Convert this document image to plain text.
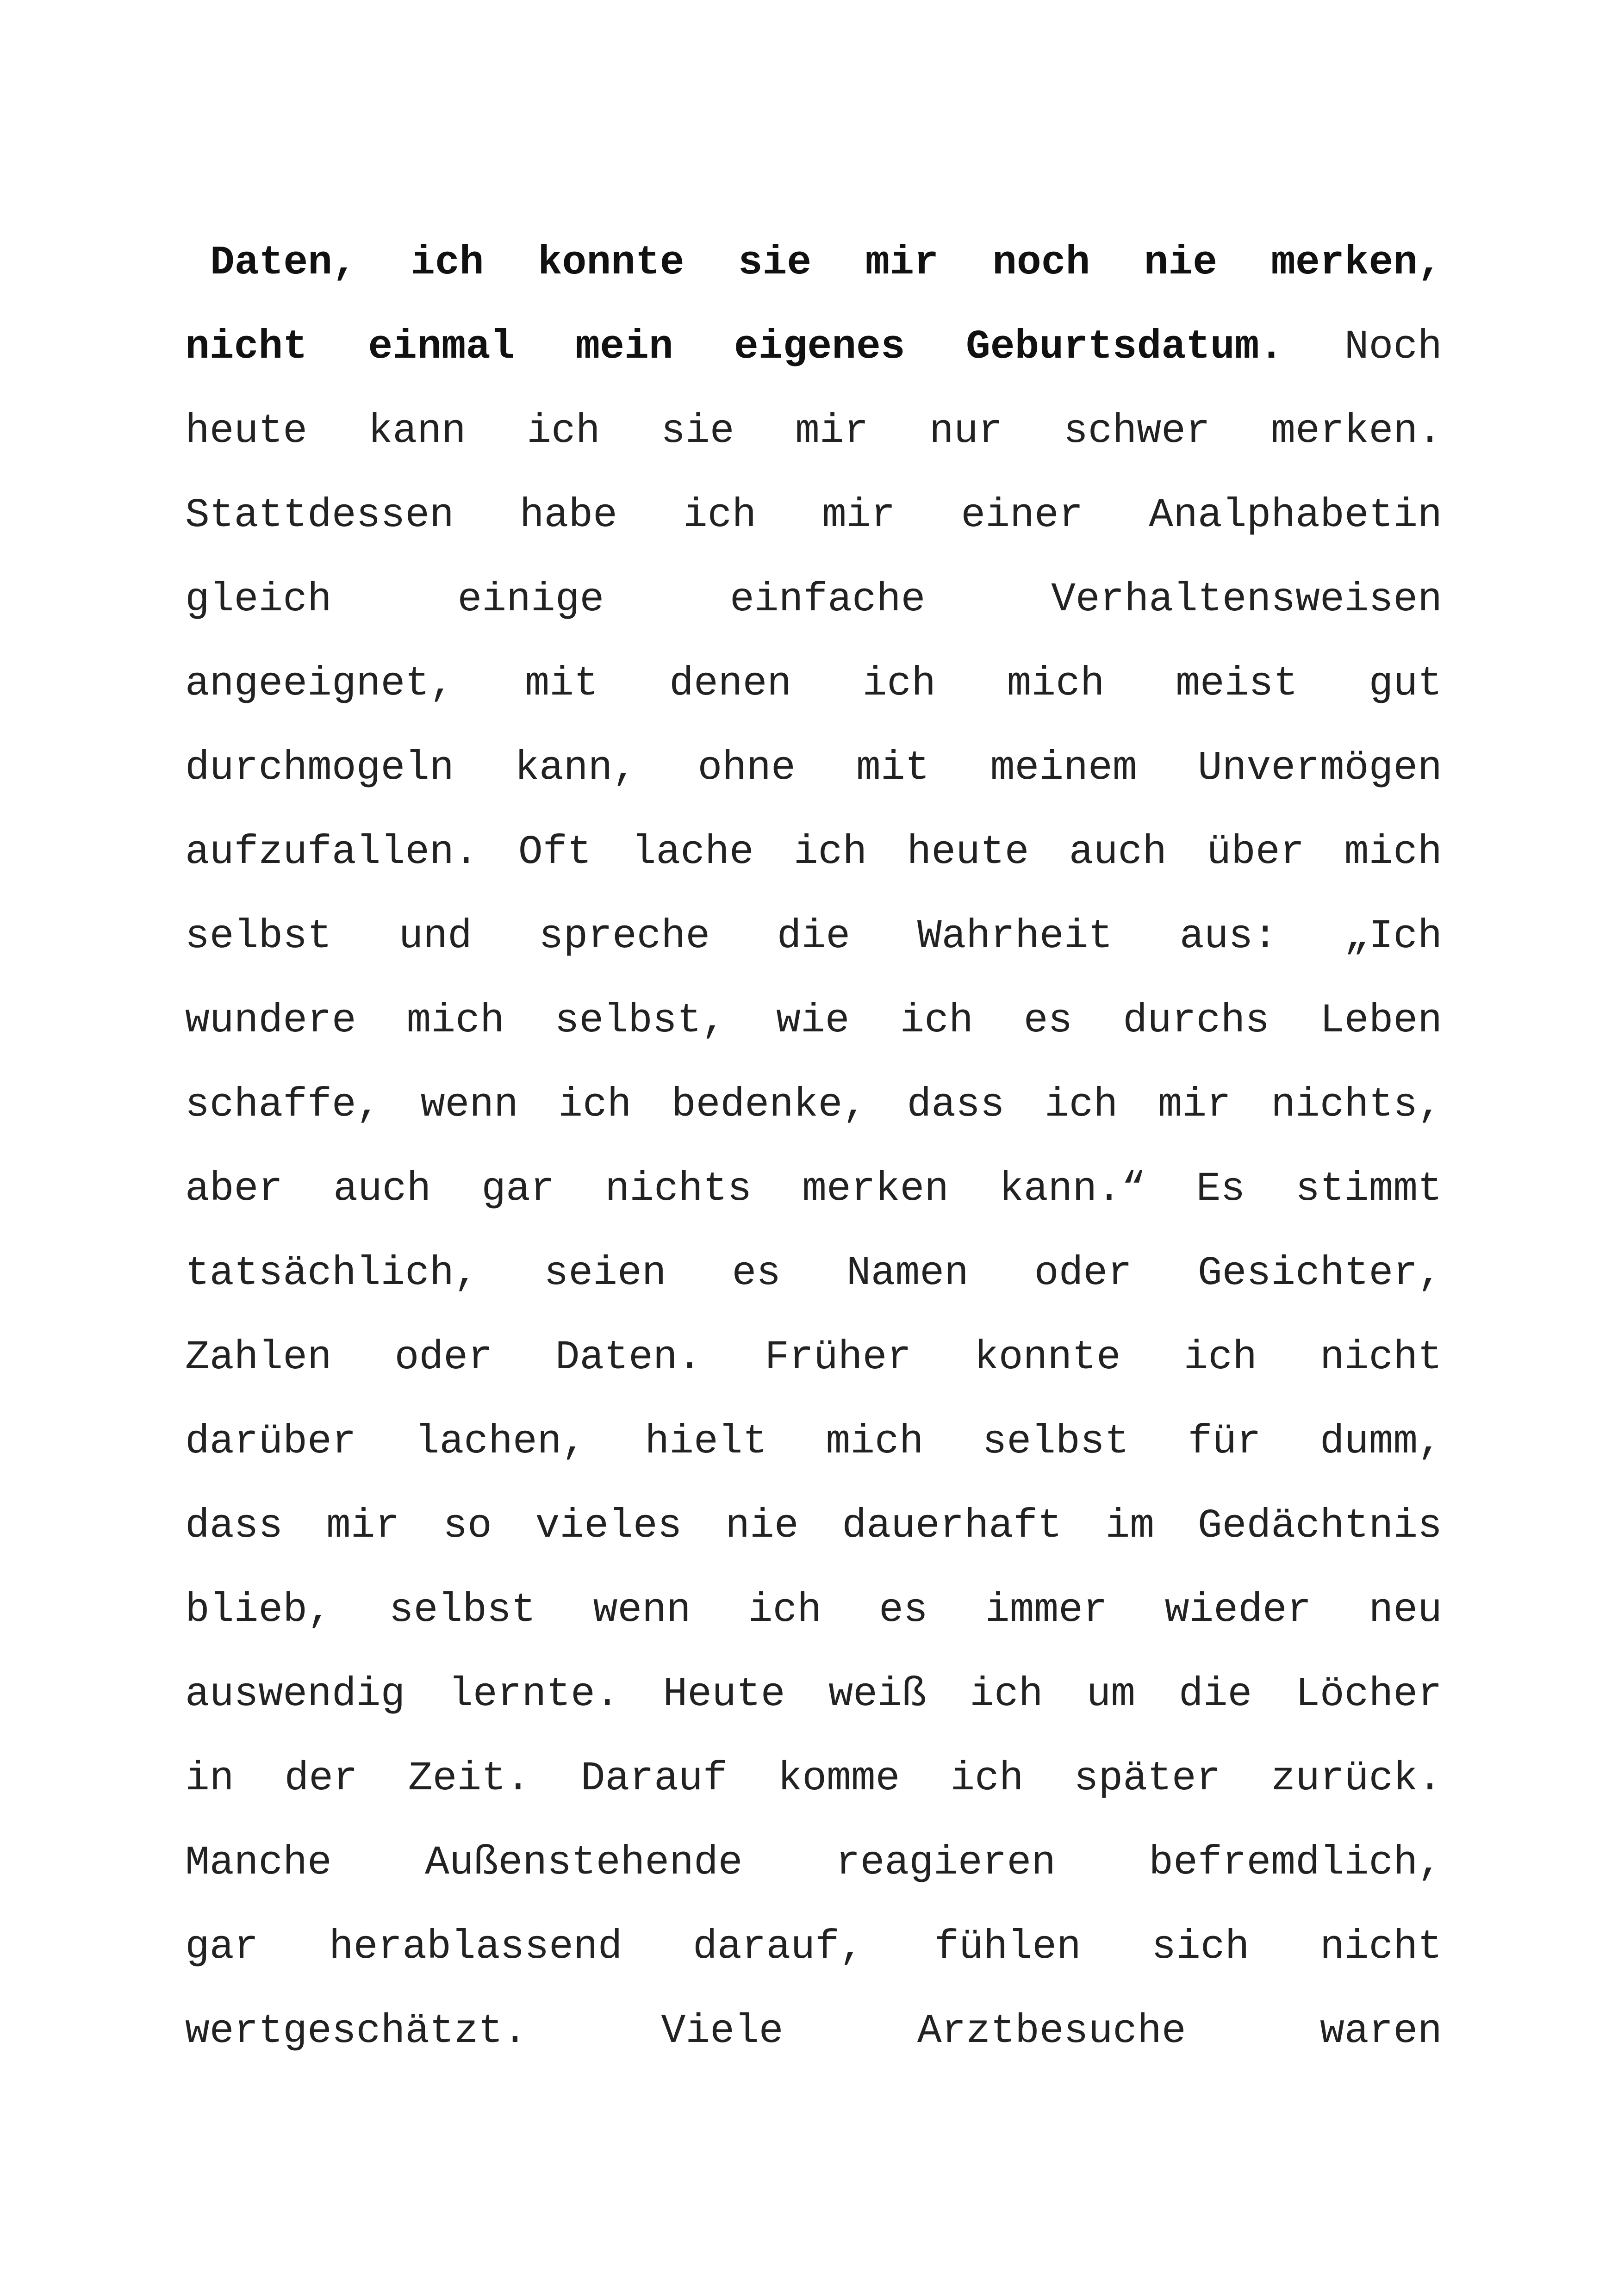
Daten, ich konnte sie mir noch nie merken,
nicht einmal mein eigenes Geburtsdatum. Noch
heute kann ich sie mir nur schwer merken.
Stattdessen habe ich mir einer Analphabetin
gleich	einige	einfache	Verhaltensweisen
angeeignet, mit denen ich mich meist gut
durchmogeln kann, ohne mit meinem Unvermögen
aufzufallen. Oft lache ich heute auch über mich
selbst und spreche die Wahrheit aus: „Ich
wundere mich selbst, wie ich es durchs Leben
schaffe, wenn ich bedenke, dass ich mir nichts,
aber auch gar nichts merken kann.“ Es stimmt
tatsächlich, seien es Namen oder Gesichter,
Zahlen oder Daten. Früher konnte ich nicht
darüber lachen, hielt mich selbst für dumm,
dass mir so vieles nie dauerhaft im Gedächtnis
blieb, selbst wenn ich es immer wieder neu
auswendig lernte. Heute weiß ich um die Löcher
in der Zeit. Darauf komme ich später zurück.
Manche Außenstehende reagieren befremdlich,
gar herablassend darauf, fühlen sich nicht
wertgeschätzt.	Viele	Arztbesuche	waren
